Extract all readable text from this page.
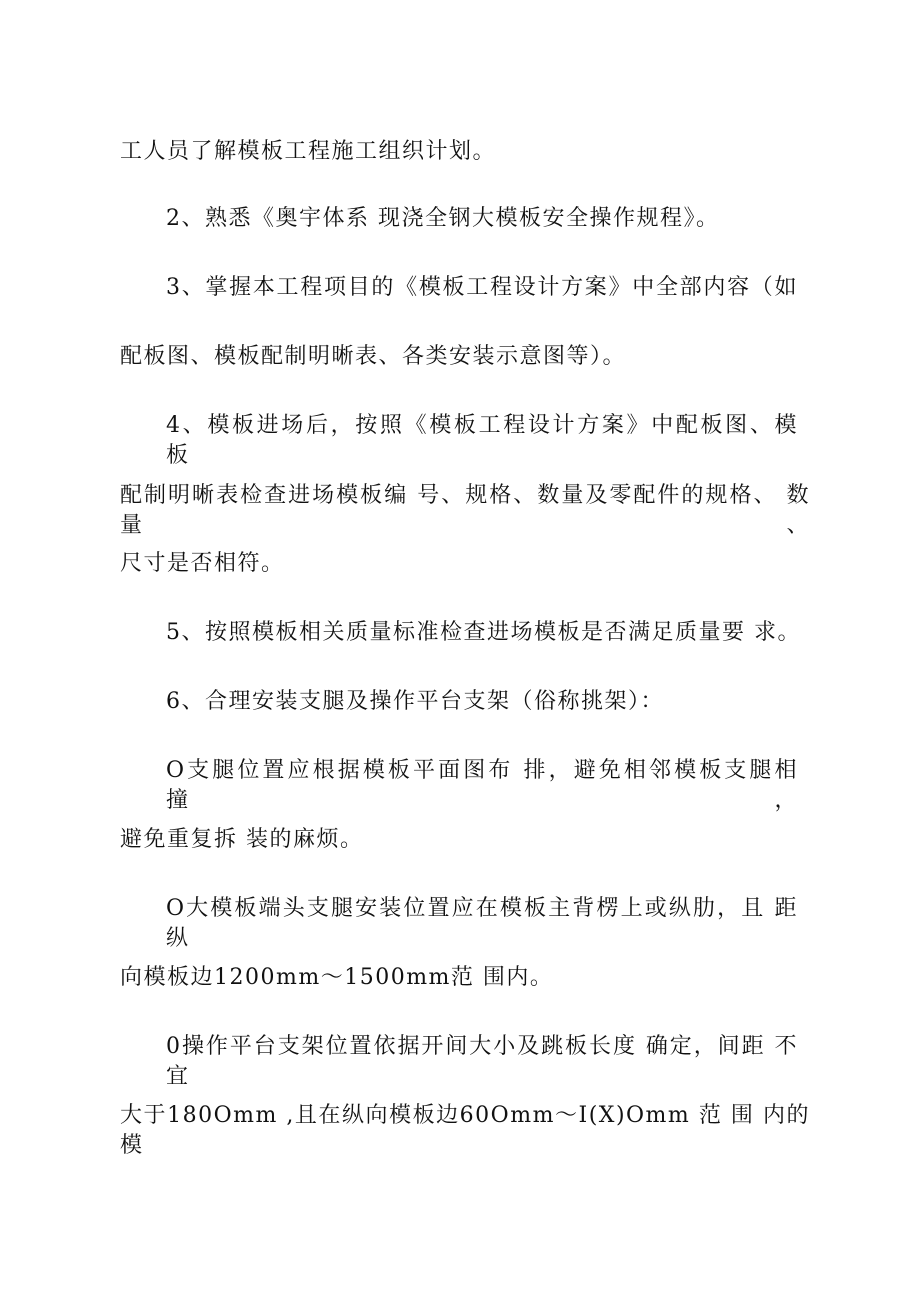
工人员了解模板工程施工组织计划。
2、熟悉《奥宇体系 现浇全钢大模板安全操作规程》。
3、掌握本工程项目的《模板工程设计方案》中全部内容（如
配板图、模板配制明晰表、各类安装示意图等）。
4、模板进场后，按照《模板工程设计方案》中配板图、模 板
配制明晰表检查进场模板编 号、规格、数量及零配件的规格、 数量、
尺寸是否相符。
5、按照模板相关质量标准检查进场模板是否满足质量要 求。
6、合理安装支腿及操作平台支架（俗称挑架）：
O支腿位置应根据模板平面图布 排，避免相邻模板支腿相 撞，
避免重复拆 装的麻烦。
O大模板端头支腿安装位置应在模板主背楞上或纵肋，且 距纵
向模板边1200mm～1500mm范 围内。
0操作平台支架位置依据开间大小及跳板长度 确定，间距 不宜
大于180Omm ,且在纵向模板边60Omm～I(X)Omm 范 围 内的模
